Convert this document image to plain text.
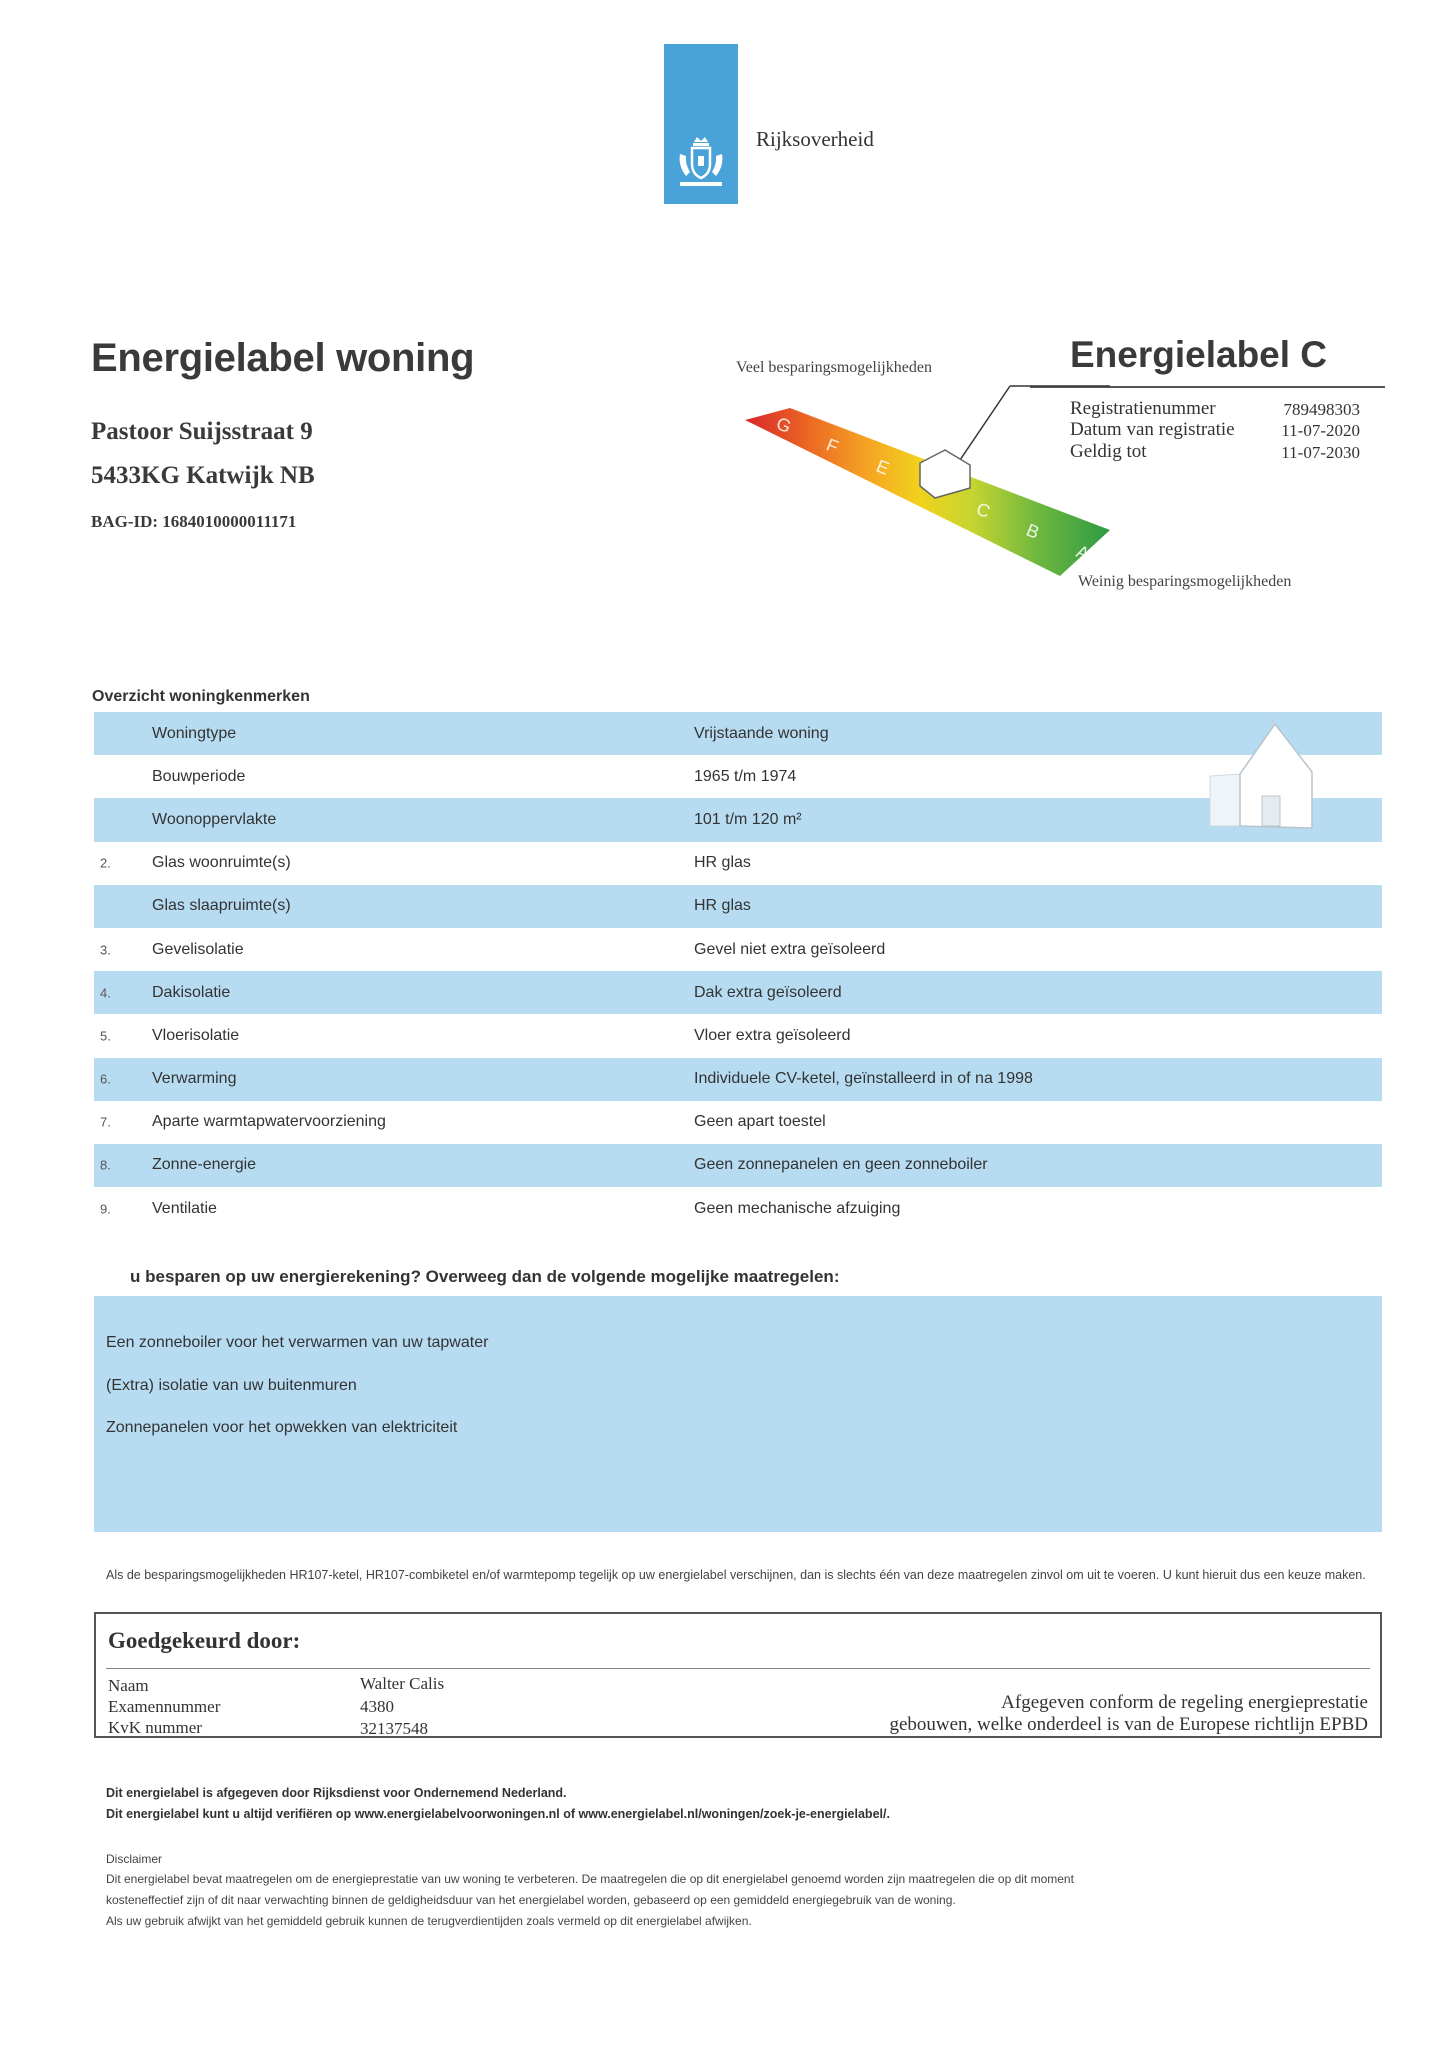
Rijksoverheid
Energielabel woning
Pastoor Suijsstraat 9
5433KG Katwijk NB
BAG-ID: 1684010000011171
Veel besparingsmogelijkheden	Energielabel C
Registratienummer	789498303
Datum van registratie	11-07-2020
Geldig tot	11-07-2030
G
F
E
C
B
A
Weinig besparingsmogelijkheden
Overzicht woningkenmerken
Woningtype	Vrijstaande woning
Bouwperiode	1965 t/m 1974
Woonoppervlakte	101 t/m 120 m²
2.	Glas woonruimte(s)	HR glas
Glas slaapruimte(s)	HR glas
3.	Gevelisolatie	Gevel niet extra geïsoleerd
4.	Dakisolatie	Dak extra geïsoleerd
5.	Vloerisolatie	Vloer extra geïsoleerd
6.	Verwarming	Individuele CV-ketel, geïnstalleerd in of na 1998
7.	Aparte warmtapwatervoorziening	Geen apart toestel
8.	Zonne-energie	Geen zonnepanelen en geen zonneboiler
9.	Ventilatie	Geen mechanische afzuiging
u besparen op uw energierekening? Overweeg dan de volgende mogelijke maatregelen:
Een zonneboiler voor het verwarmen van uw tapwater
(Extra) isolatie van uw buitenmuren
Zonnepanelen voor het opwekken van elektriciteit
Als de besparingsmogelijkheden HR107-ketel, HR107-combiketel en/of warmtepomp tegelijk op uw energielabel verschijnen, dan is slechts één van deze maatregelen zinvol om uit te voeren. U kunt hieruit dus een keuze maken.
Goedgekeurd door:
Naam	Walter Calis
Examennummer	4380
KvK nummer	32137548
Afgegeven conform de regeling energieprestatie
gebouwen, welke onderdeel is van de Europese richtlijn EPBD
Dit energielabel is afgegeven door Rijksdienst voor Ondernemend Nederland.
Dit energielabel kunt u altijd verifiëren op www.energielabelvoorwoningen.nl of www.energielabel.nl/woningen/zoek-je-energielabel/.
Disclaimer
Dit energielabel bevat maatregelen om de energieprestatie van uw woning te verbeteren. De maatregelen die op dit energielabel genoemd worden zijn maatregelen die op dit moment
kosteneffectief zijn of dit naar verwachting binnen de geldigheidsduur van het energielabel worden, gebaseerd op een gemiddeld energiegebruik van de woning.
Als uw gebruik afwijkt van het gemiddeld gebruik kunnen de terugverdientijden zoals vermeld op dit energielabel afwijken.
